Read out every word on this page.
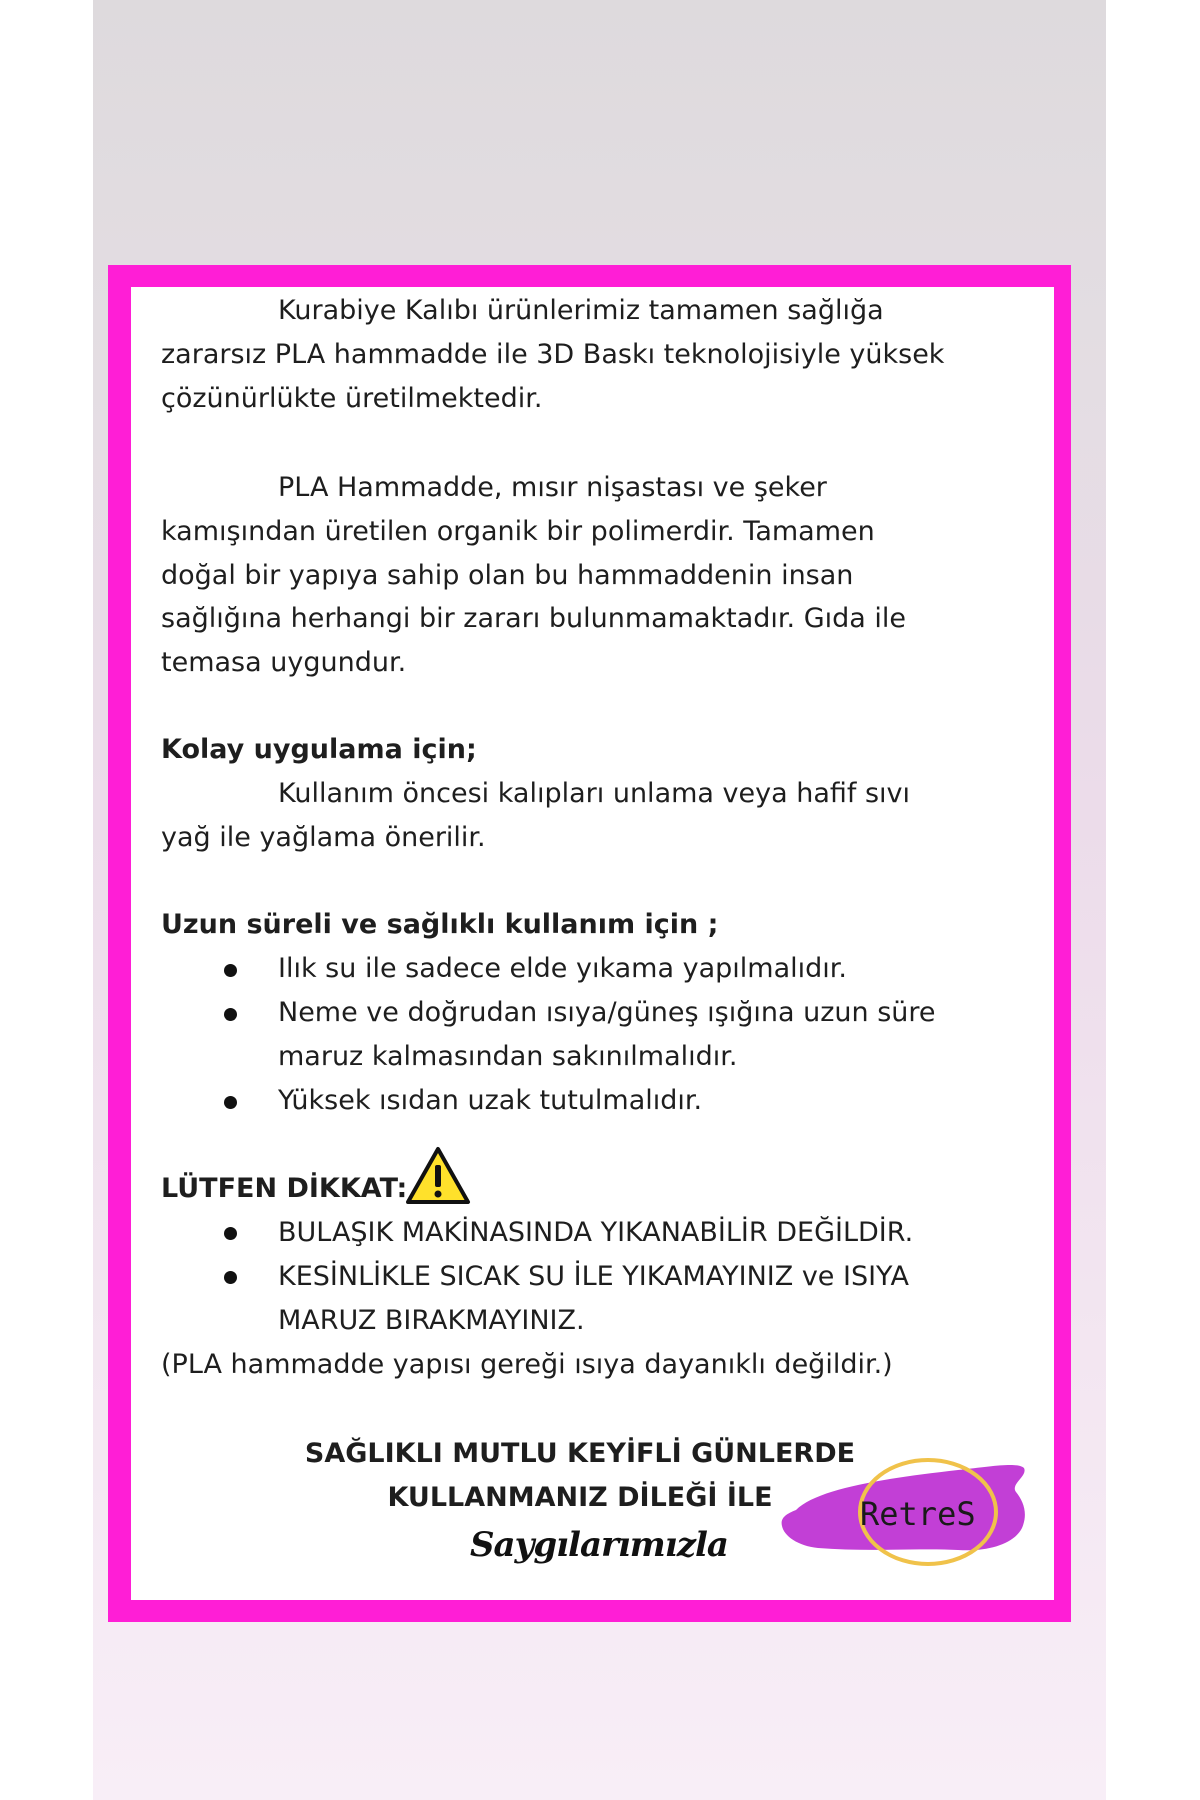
Kurabiye Kalıbı ürünlerimiz tamamen sağlığa
zararsız PLA hammadde ile 3D Baskı teknolojisiyle yüksek
çözünürlükte üretilmektedir.
PLA Hammadde, mısır nişastası ve şeker
kamışından üretilen organik bir polimerdir. Tamamen
doğal bir yapıya sahip olan bu hammaddenin insan
sağlığına herhangi bir zararı bulunmamaktadır. Gıda ile
temasa uygundur.
Kolay uygulama için;
Kullanım öncesi kalıpları unlama veya hafif sıvı
yağ ile yağlama önerilir.
Uzun süreli ve sağlıklı kullanım için ;
Ilık su ile sadece elde yıkama yapılmalıdır.
Neme ve doğrudan ısıya/güneş ışığına uzun süre
maruz kalmasından sakınılmalıdır.
Yüksek ısıdan uzak tutulmalıdır.
LÜTFEN DİKKAT:
BULAŞIK MAKİNASINDA YIKANABİLİR DEĞİLDİR.
KESİNLİKLE SICAK SU İLE YIKAMAYINIZ ve ISIYA
MARUZ BIRAKMAYINIZ.
(PLA hammadde yapısı gereği ısıya dayanıklı değildir.)
SAĞLIKLI MUTLU KEYİFLİ GÜNLERDE
KULLANMANIZ DİLEĞİ İLE
Saygılarımızla
RetreS
